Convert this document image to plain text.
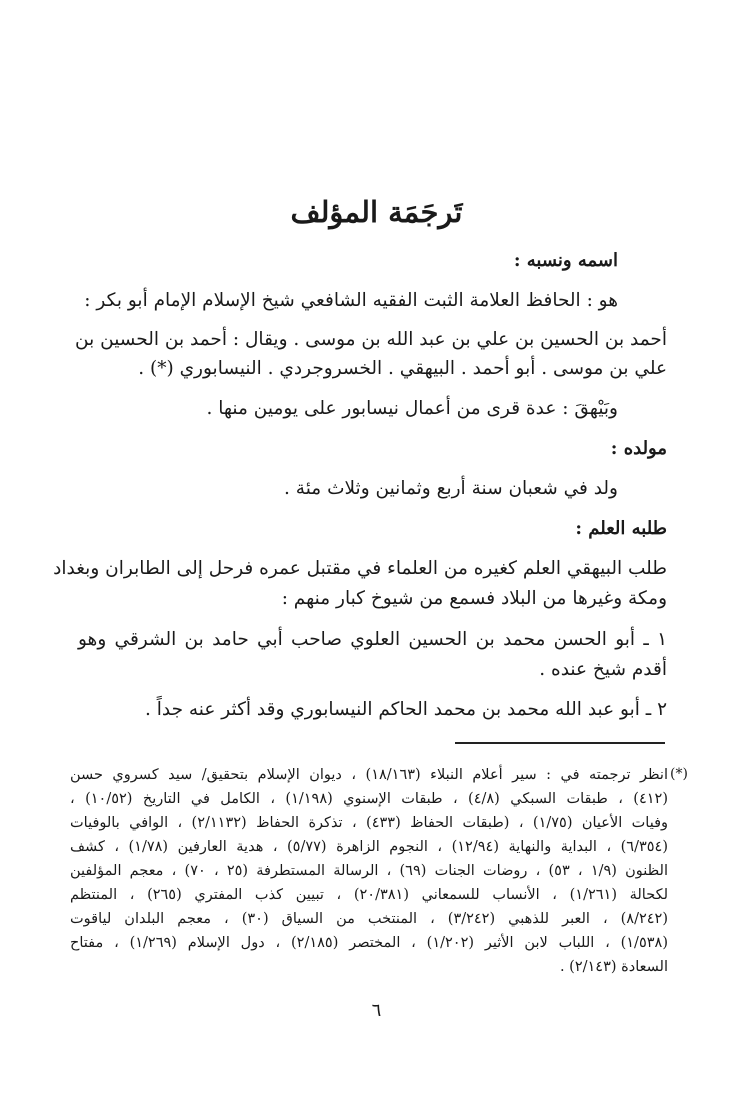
تَرجَمَة المؤلف
اسمه ونسبه :
هو : الحافظ العلامة الثبت الفقيه الشافعي شيخ الإسلام الإمام أبو بكر :
أحمد بن الحسين بن علي بن عبد الله بن موسى . ويقال : أحمد بن الحسين بن
علي بن موسى . أبو أحمد . البيهقي . الخسروجردي . النيسابوري (*) .
وبَيْهقَ : عدة قرى من أعمال نيسابور على يومين منها .
مولده :
ولد في شعبان سنة أربع وثمانين وثلاث مئة .
طلبه العلم :
طلب البيهقي العلم كغيره من العلماء في مقتبل عمره فرحل إلى الطابران وبغداد
ومكة وغيرها من البلاد فسمع من شيوخ كبار منهم :
١ ـ أبو الحسن محمد بن الحسين العلوي صاحب أبي حامد بن الشرقي وهو
أقدم شيخ عنده .
٢ ـ أبو عبد الله محمد بن محمد الحاكم النيسابوري وقد أكثر عنه جداً .
(*)
انظر ترجمته في : سير أعلام النبلاء (١٨/١٦٣) ، ديوان الإسلام بتحقيق/ سيد كسروي حسن
(٤١٢) ، طبقات السبكي (٤/٨) ، طبقات الإسنوي (١/١٩٨) ، الكامل في التاريخ (١٠/٥٢) ،
وفيات الأعيان (١/٧٥) ، (طبقات الحفاظ (٤٣٣) ، تذكرة الحفاظ (٢/١١٣٢) ، الوافي بالوفيات
(٦/٣٥٤) ، البداية والنهاية (١٢/٩٤) ، النجوم الزاهرة (٥/٧٧) ، هدية العارفين (١/٧٨) ، كشف
الظنون (١/٩ ، ٥٣) ، روضات الجنات (٦٩) ، الرسالة المستطرفة (٢٥ ، ٧٠) ، معجم المؤلفين
لكحالة (١/٢٦١) ، الأنساب للسمعاني (٢٠/٣٨١) ، تبيين كذب المفتري (٢٦٥) ، المنتظم
(٨/٢٤٢) ، العبر للذهبي (٣/٢٤٢) ، المنتخب من السياق (٣٠) ، معجم البلدان لياقوت
(١/٥٣٨) ، اللباب لابن الأثير (١/٢٠٢) ، المختصر (٢/١٨٥) ، دول الإسلام (١/٢٦٩) ، مفتاح
السعادة (٢/١٤٣) .
٦
